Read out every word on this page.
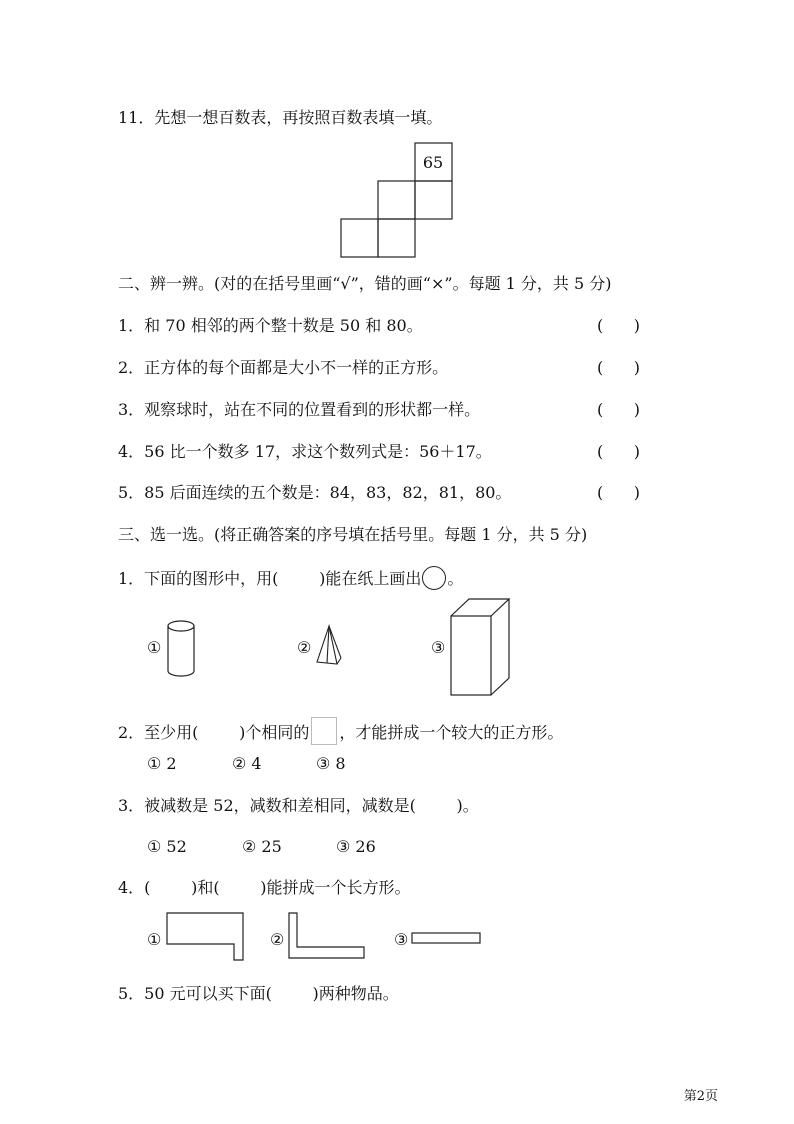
11．先想一想百数表，再按照百数表填一填。
65
二、辨一辨。(对的在括号里画“√”，错的画“×”。每题 1 分，共 5 分)
1．和 70 相邻的两个整十数是 50 和 80。	(      )
2．正方体的每个面都是大小不一样的正方形。	(      )
3．观察球时，站在不同的位置看到的形状都一样。	(      )
4．56 比一个数多 17，求这个数列式是：56＋17。	(      )
5．85 后面连续的五个数是：84，83，82，81，80。	(      )
三、选一选。(将正确答案的序号填在括号里。每题 1 分，共 5 分)
1．下面的图形中，用(        )能在纸上画出 。
①	②	③
2．至少用(        )个相同的 ，才能拼成一个较大的正方形。
① 2	② 4	③ 8
3．被减数是 52，减数和差相同，减数是(        )。
① 52	② 25	③ 26
4．(        )和(        )能拼成一个长方形。
①	②	③
5．50 元可以买下面(        )两种物品。
第2页
